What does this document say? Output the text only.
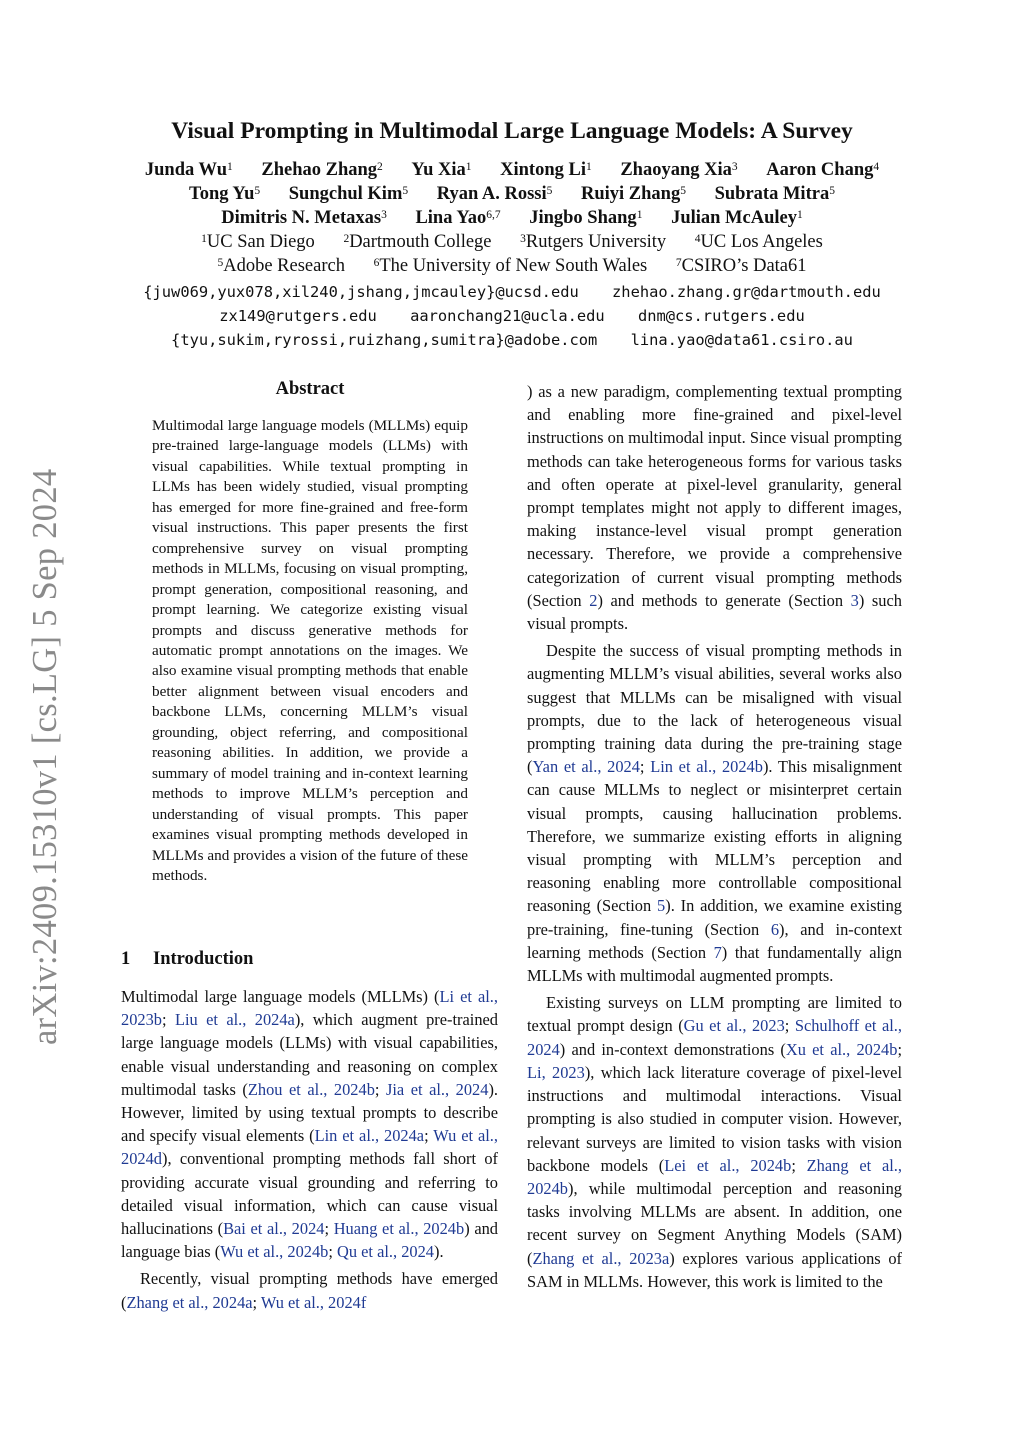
arXiv:2409.15310v1 [cs.LG] 5 Sep 2024
Visual Prompting in Multimodal Large Language Models: A Survey
Junda Wu$^1$ Zhehao Zhang$^2$ Yu Xia$^1$ Xintong Li$^1$ Zhaoyang Xia$^3$ Aaron Chang$^4$
Tong Yu$^5$ Sungchul Kim$^5$ Ryan A. Rossi$^5$ Ruiyi Zhang$^5$ Subrata Mitra$^5$
Dimitris N. Metaxas$^3$ Lina Yao$^{6,7}$ Jingbo Shang$^1$ Julian McAuley$^1$
$^1$UC San Diego $^2$Dartmouth College $^3$Rutgers University $^4$UC Los Angeles
$^5$Adobe Research $^6$The University of New South Wales $^7$CSIRO’s Data61
{juw069,yux078,xil240,jshang,jmcauley}@ucsd.edu zhehao.zhang.gr@dartmouth.edu
zx149@rutgers.edu aaronchang21@ucla.edu dnm@cs.rutgers.edu
{tyu,sukim,ryrossi,ruizhang,sumitra}@adobe.com lina.yao@data61.csiro.au
Abstract
Multimodal large language models (MLLMs) equip pre-trained large-language models (LLMs) with visual capabilities. While textual prompting in LLMs has been widely studied, visual prompting has emerged for more fine-grained and free-form visual instructions. This paper presents the first comprehensive survey on visual prompting methods in MLLMs, focusing on visual prompting, prompt generation, compositional reasoning, and prompt learning. We categorize existing visual prompts and discuss generative methods for automatic prompt annotations on the images. We also examine visual prompting methods that enable better alignment between visual encoders and backbone LLMs, concerning MLLM’s visual grounding, object referring, and compositional reasoning abilities. In addition, we provide a summary of model training and in-context learning methods to improve MLLM’s perception and understanding of visual prompts. This paper examines visual prompting methods developed in MLLMs and provides a vision of the future of these methods.
1 Introduction

Multimodal large language models (MLLMs) (Li et al., 2023b; Liu et al., 2024a), which augment pre-trained large language models (LLMs) with visual capabilities, enable visual understanding and reasoning on complex multimodal tasks (Zhou et al., 2024b; Jia et al., 2024). However, limited by using textual prompts to describe and specify visual elements (Lin et al., 2024a; Wu et al., 2024d), conventional prompting methods fall short of providing accurate visual grounding and referring to detailed visual information, which can cause visual hallucinations (Bai et al., 2024; Huang et al., 2024b) and language bias (Wu et al., 2024b; Qu et al., 2024).

Recently, visual prompting methods have emerged (Zhang et al., 2024a; Wu et al., 2024f

) as a new paradigm, complementing textual prompting and enabling more fine-grained and pixel-level instructions on multimodal input. Since visual prompting methods can take heterogeneous forms for various tasks and often operate at pixel-level granularity, general prompt templates might not apply to different images, making instance-level visual prompt generation necessary. Therefore, we provide a comprehensive categorization of current visual prompting methods (Section 2) and methods to generate (Section 3) such visual prompts.

Despite the success of visual prompting methods in augmenting MLLM’s visual abilities, several works also suggest that MLLMs can be misaligned with visual prompts, due to the lack of heterogeneous visual prompting training data during the pre-training stage (Yan et al., 2024; Lin et al., 2024b). This misalignment can cause MLLMs to neglect or misinterpret certain visual prompts, causing hallucination problems. Therefore, we summarize existing efforts in aligning visual prompting with MLLM’s perception and reasoning enabling more controllable compositional reasoning (Section 5). In addition, we examine existing pre-training, fine-tuning (Section 6), and in-context learning methods (Section 7) that fundamentally align MLLMs with multimodal augmented prompts.

Existing surveys on LLM prompting are limited to textual prompt design (Gu et al., 2023; Schulhoff et al., 2024) and in-context demonstrations (Xu et al., 2024b; Li, 2023), which lack literature coverage of pixel-level instructions and multimodal interactions. Visual prompting is also studied in computer vision. However, relevant surveys are limited to vision tasks with vision backbone models (Lei et al., 2024b; Zhang et al., 2024b), while multimodal perception and reasoning tasks involving MLLMs are absent. In addition, one recent survey on Segment Anything Models (SAM) (Zhang et al., 2023a) explores various applications of SAM in MLLMs. However, this work is limited to the
